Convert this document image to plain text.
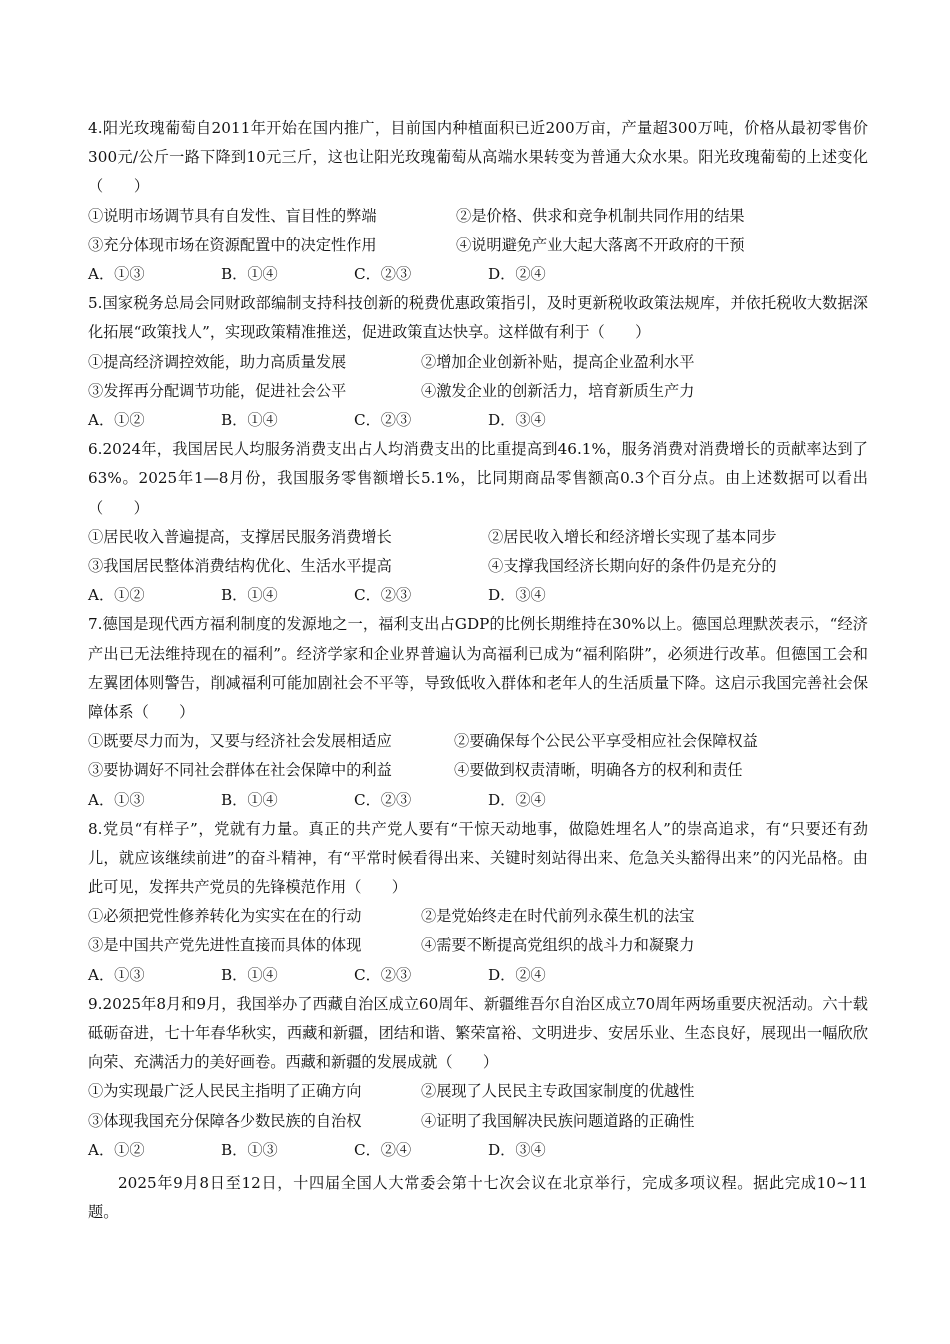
4.阳光玫瑰葡萄自2011年开始在国内推广，目前国内种植面积已近200万亩，产量超300万吨，价格从最初零售价300元/公斤一路下降到10元三斤，这也让阳光玫瑰葡萄从高端水果转变为普通大众水果。阳光玫瑰葡萄的上述变化（　　）

①说明市场调节具有自发性、盲目性的弊端	②是价格、供求和竞争机制共同作用的结果
③充分体现市场在资源配置中的决定性作用	④说明避免产业大起大落离不开政府的干预
A．①③	B．①④	C．②③	D．②④

5.国家税务总局会同财政部编制支持科技创新的税费优惠政策指引，及时更新税收政策法规库，并依托税收大数据深化拓展“政策找人”，实现政策精准推送，促进政策直达快享。这样做有利于（　　）

①提高经济调控效能，助力高质量发展	②增加企业创新补贴，提高企业盈利水平
③发挥再分配调节功能，促进社会公平	④激发企业的创新活力，培育新质生产力
A．①②	B．①④	C．②③	D．③④

6.2024年，我国居民人均服务消费支出占人均消费支出的比重提高到46.1%，服务消费对消费增长的贡献率达到了63%。2025年1—8月份，我国服务零售额增长5.1%，比同期商品零售额高0.3个百分点。由上述数据可以看出（　　）

①居民收入普遍提高，支撑居民服务消费增长	②居民收入增长和经济增长实现了基本同步
③我国居民整体消费结构优化、生活水平提高	④支撑我国经济长期向好的条件仍是充分的
A．①②	B．①④	C．②③	D．③④

7.德国是现代西方福利制度的发源地之一，福利支出占GDP的比例长期维持在30%以上。德国总理默茨表示，“经济产出已无法维持现在的福利”。经济学家和企业界普遍认为高福利已成为“福利陷阱”，必须进行改革。但德国工会和左翼团体则警告，削减福利可能加剧社会不平等，导致低收入群体和老年人的生活质量下降。这启示我国完善社会保障体系（　　）

①既要尽力而为，又要与经济社会发展相适应	②要确保每个公民公平享受相应社会保障权益
③要协调好不同社会群体在社会保障中的利益	④要做到权责清晰，明确各方的权利和责任
A．①③	B．①④	C．②③	D．②④

8.党员“有样子”，党就有力量。真正的共产党人要有“干惊天动地事，做隐姓埋名人”的崇高追求，有“只要还有劲儿，就应该继续前进”的奋斗精神，有“平常时候看得出来、关键时刻站得出来、危急关头豁得出来”的闪光品格。由此可见，发挥共产党员的先锋模范作用（　　）

①必须把党性修养转化为实实在在的行动	②是党始终走在时代前列永葆生机的法宝
③是中国共产党先进性直接而具体的体现	④需要不断提高党组织的战斗力和凝聚力
A．①③	B．①④	C．②③	D．②④

9.2025年8月和9月，我国举办了西藏自治区成立60周年、新疆维吾尔自治区成立70周年两场重要庆祝活动。六十载砥砺奋进，七十年春华秋实，西藏和新疆，团结和谐、繁荣富裕、文明进步、安居乐业、生态良好，展现出一幅欣欣向荣、充满活力的美好画卷。西藏和新疆的发展成就（　　）

①为实现最广泛人民民主指明了正确方向	②展现了人民民主专政国家制度的优越性
③体现我国充分保障各少数民族的自治权	④证明了我国解决民族问题道路的正确性
A．①②	B．①③	C．②④	D．③④

2025年9月8日至12日，十四届全国人大常委会第十七次会议在北京举行，完成多项议程。据此完成10~11题。
